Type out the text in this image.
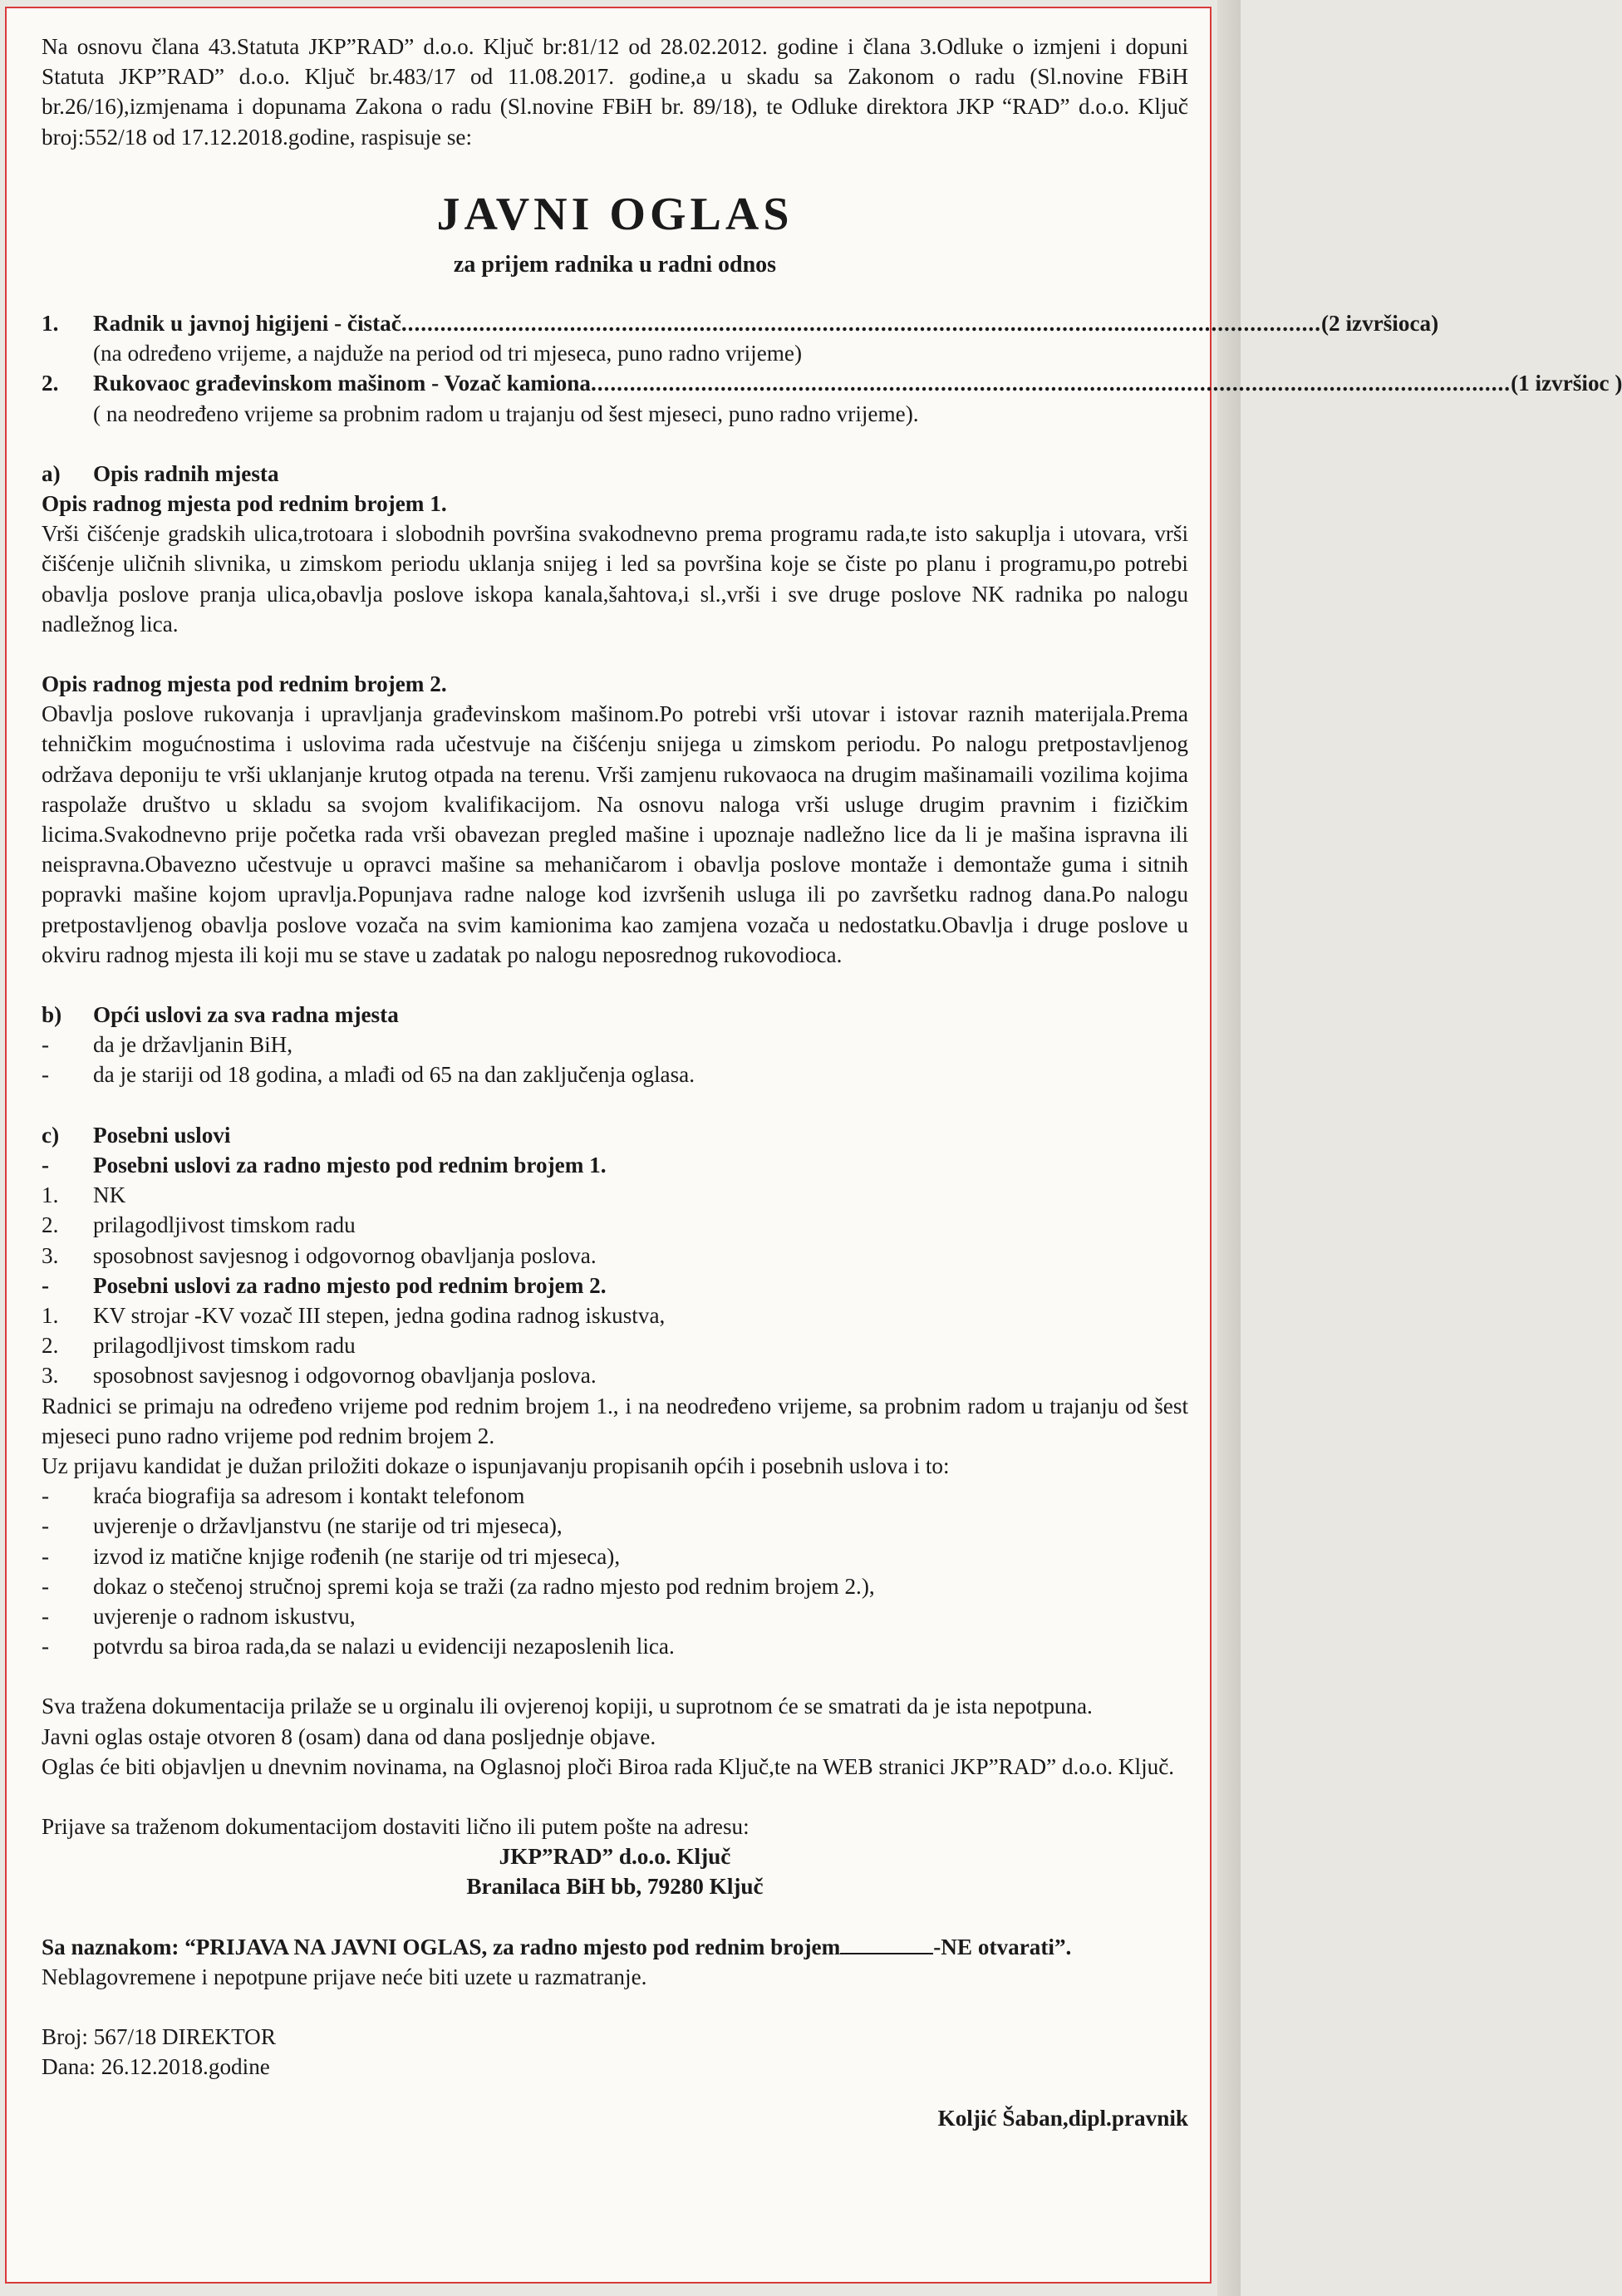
Na osnovu člana 43.Statuta JKP”RAD” d.o.o. Ključ br:81/12 od 28.02.2012. godine i člana 3.Odluke o izmjeni i dopuni Statuta JKP”RAD” d.o.o. Ključ br.483/17 od 11.08.2017. godine,a u skadu sa Zakonom o radu (Sl.novine FBiH br.26/16),izmjenama i dopunama Zakona o radu (Sl.novine FBiH br. 89/18), te Odluke direktora JKP “RAD” d.o.o. Ključ broj:552/18 od 17.12.2018.godine, raspisuje se:

JAVNI OGLAS
za prijem radnika u radni odnos
1.	Radnik u javnoj higijeni - čistač .............................................................................................................................................. (2 izvršioca)

(na određeno vrijeme, a najduže na period od tri mjeseca, puno radno vrijeme)

2.	Rukovaoc građevinskom mašinom - Vozač kamiona .............................................................................................................................................. (1 izvršioc )

( na neodređeno vrijeme sa probnim radom u trajanju od šest mjeseci, puno radno vrijeme).

a)	Opis radnih mjesta

Opis radnog mjesta pod rednim brojem 1.

Vrši čišćenje gradskih ulica,trotoara i slobodnih površina svakodnevno prema programu rada,te isto sakuplja i utovara, vrši čišćenje uličnih slivnika, u zimskom periodu uklanja snijeg i led sa površina koje se čiste po planu i programu,po potrebi obavlja poslove pranja ulica,obavlja poslove iskopa kanala,šahtova,i sl.,vrši i sve druge poslove NK radnika po nalogu nadležnog lica.

Opis radnog mjesta pod rednim brojem 2.

Obavlja poslove rukovanja i upravljanja građevinskom mašinom.Po potrebi vrši utovar i istovar raznih materijala.Prema tehničkim mogućnostima i uslovima rada učestvuje na čišćenju snijega u zimskom periodu. Po nalogu pretpostavljenog održava deponiju te vrši uklanjanje krutog otpada na terenu. Vrši zamjenu rukovaoca na drugim mašinamaili vozilima kojima raspolaže društvo u skladu sa svojom kvalifikacijom. Na osnovu naloga vrši usluge drugim pravnim i fizičkim licima.Svakodnevno prije početka rada vrši obavezan pregled mašine i upoznaje nadležno lice da li je mašina ispravna ili neispravna.Obavezno učestvuje u opravci mašine sa mehaničarom i obavlja poslove montaže i demontaže guma i sitnih popravki mašine kojom upravlja.Popunjava radne naloge kod izvršenih usluga ili po završetku radnog dana.Po nalogu pretpostavljenog obavlja poslove vozača na svim kamionima kao zamjena vozača u nedostatku.Obavlja i druge poslove u okviru radnog mjesta ili koji mu se stave u zadatak po nalogu neposrednog rukovodioca.

b)	Opći uslovi za sva radna mjesta
-	da je državljanin BiH,
-	da je stariji od 18 godina, a mlađi od 65 na dan zaključenja oglasa.
c)	Posebni uslovi
-	Posebni uslovi za radno mjesto pod rednim brojem 1.
1.	NK
2.	prilagodljivost timskom radu
3.	sposobnost savjesnog i odgovornog obavljanja poslova.
-	Posebni uslovi za radno mjesto pod rednim brojem 2.
1.	KV strojar -KV vozač III stepen, jedna godina radnog iskustva,
2.	prilagodljivost timskom radu
3.	sposobnost savjesnog i odgovornog obavljanja poslova.

Radnici se primaju na određeno vrijeme pod rednim brojem 1., i na neodređeno vrijeme, sa probnim radom u trajanju od šest mjeseci puno radno vrijeme pod rednim brojem 2.

Uz prijavu kandidat je dužan priložiti dokaze o ispunjavanju propisanih općih i posebnih uslova i to:

-	kraća biografija sa adresom i kontakt telefonom
-	uvjerenje o državljanstvu (ne starije od tri mjeseca),
-	izvod iz matične knjige rođenih (ne starije od tri mjeseca),
-	dokaz o stečenoj stručnoj spremi koja se traži (za radno mjesto pod rednim brojem 2.),
-	uvjerenje o radnom iskustvu,
-	potvrdu sa biroa rada,da se nalazi u evidenciji nezaposlenih lica.

Sva tražena dokumentacija prilaže se u orginalu ili ovjerenoj kopiji, u suprotnom će se smatrati da je ista nepotpuna.

Javni oglas ostaje otvoren 8 (osam) dana od dana posljednje objave.

Oglas će biti objavljen u dnevnim novinama, na Oglasnoj ploči Biroa rada Ključ,te na WEB stranici JKP”RAD” d.o.o. Ključ.

Prijave sa traženom dokumentacijom dostaviti lično ili putem pošte na adresu:

JKP”RAD” d.o.o. Ključ

Branilaca BiH bb, 79280 Ključ

Sa naznakom: “PRIJAVA NA JAVNI OGLAS, za radno mjesto pod rednim brojem	-NE otvarati”.

Neblagovremene i nepotpune prijave neće biti uzete u razmatranje.

Broj: 567/18 DIREKTOR

Dana: 26.12.2018.godine

Koljić Šaban,dipl.pravnik
